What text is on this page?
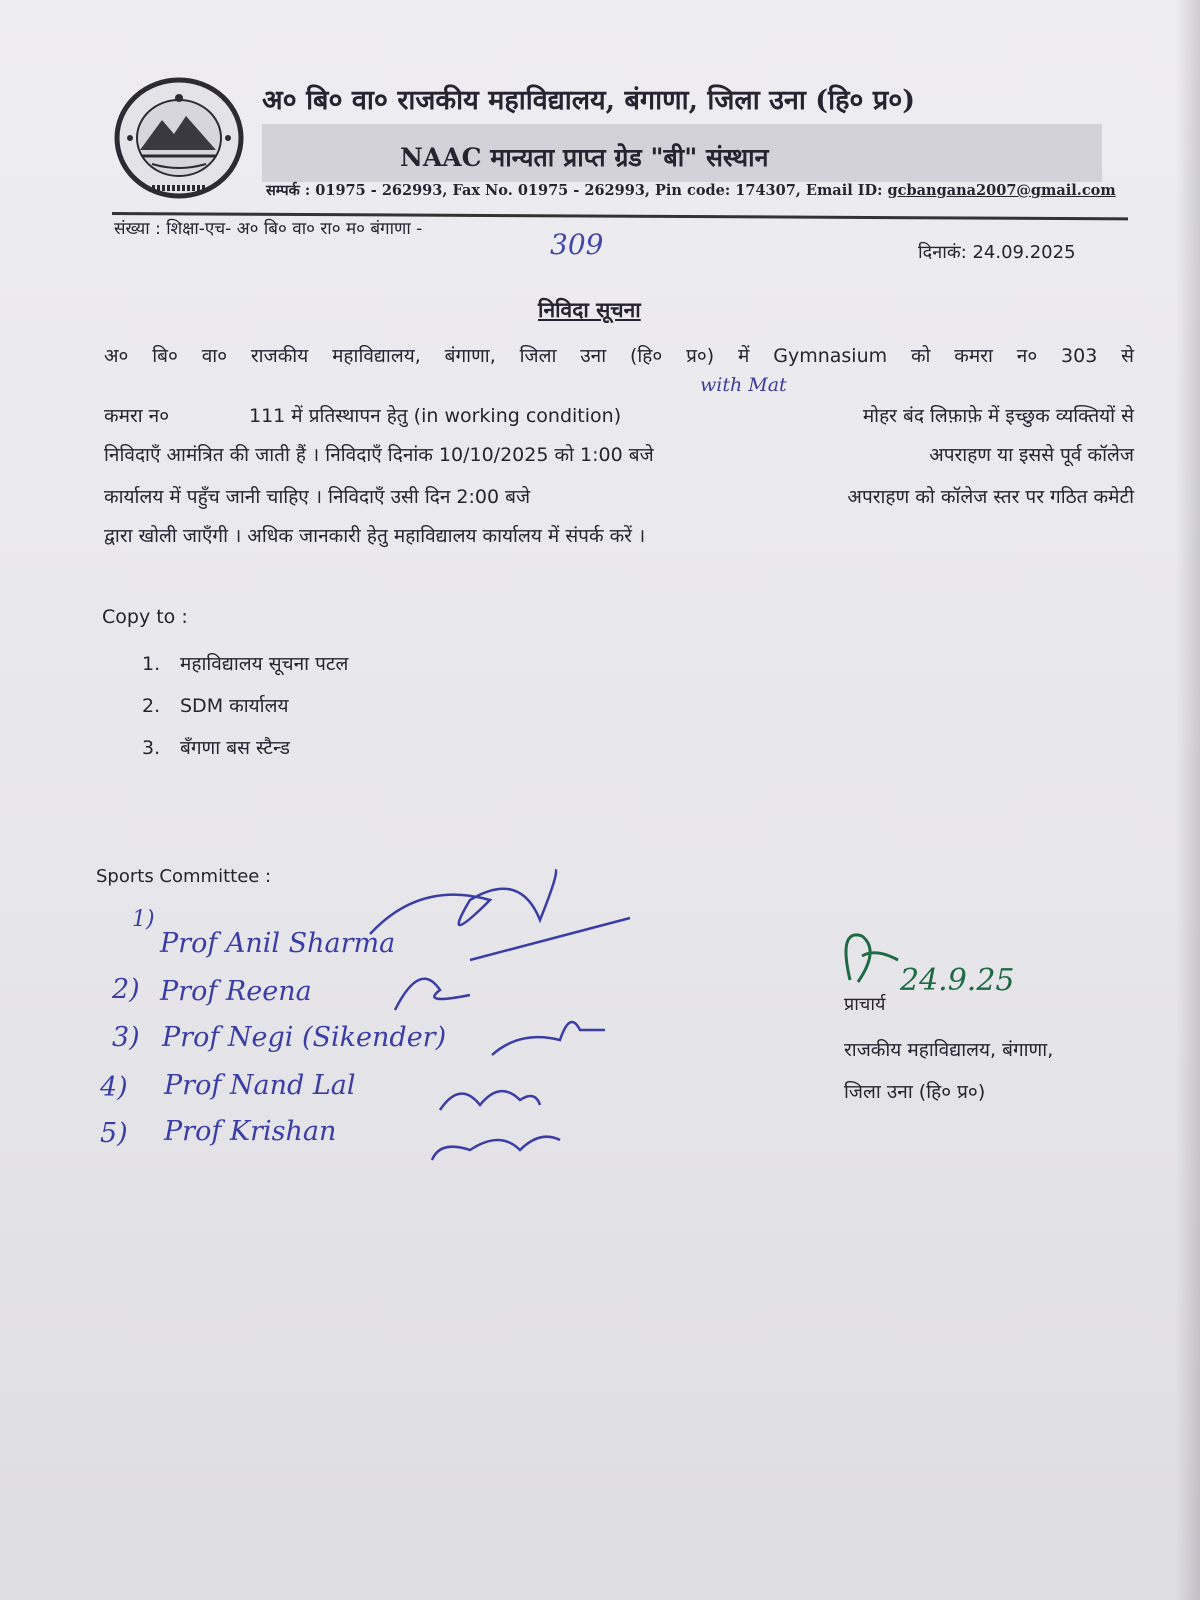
अ० बि० वा० राजकीय महाविद्यालय, बंगाणा, जिला उना (हि० प्र०)
NAAC मान्यता प्राप्त ग्रेड "बी" संस्थान
सम्पर्क : 01975 - 262993, Fax No. 01975 - 262993, Pin code: 174307, Email ID: gcbangana2007@gmail.com
संख्या : शिक्षा-एच- अ० बि० वा० रा० म० बंगाणा -	309	दिनाकं: 24.09.2025
निविदा सूचना
अ० बि० वा० राजकीय महाविद्यालय, बंगाणा, जिला उना (हि० प्र०) में Gymnasium को कमरा न० 303 से
with Mat
कमरा न०	111 में प्रतिस्थापन हेतु (in working condition)	मोहर बंद लिफ़ाफ़े में इच्छुक व्यक्तियों से
निविदाएँ आमंत्रित की जाती हैं । निविदाएँ दिनांक 10/10/2025 को 1:00 बजे	अपराहण या इससे पूर्व कॉलेज
कार्यालय में पहुँच जानी चाहिए । निविदाएँ उसी दिन 2:00 बजे	अपराहण को कॉलेज स्तर पर गठित कमेटी
द्वारा खोली जाएँगी । अधिक जानकारी हेतु महाविद्यालय कार्यालय में संपर्क करें ।
Copy to :
1. महाविद्यालय सूचना पटल
2. SDM कार्यालय
3. बँगणा बस स्टैन्ड
Sports Committee :
1)
Prof Anil Sharma
2) Prof Reena
3) Prof Negi (Sikender)
4) Prof Nand Lal
5) Prof Krishan
24.9.25
प्राचार्य
राजकीय महाविद्यालय, बंगाणा,
जिला उना (हि० प्र०)
